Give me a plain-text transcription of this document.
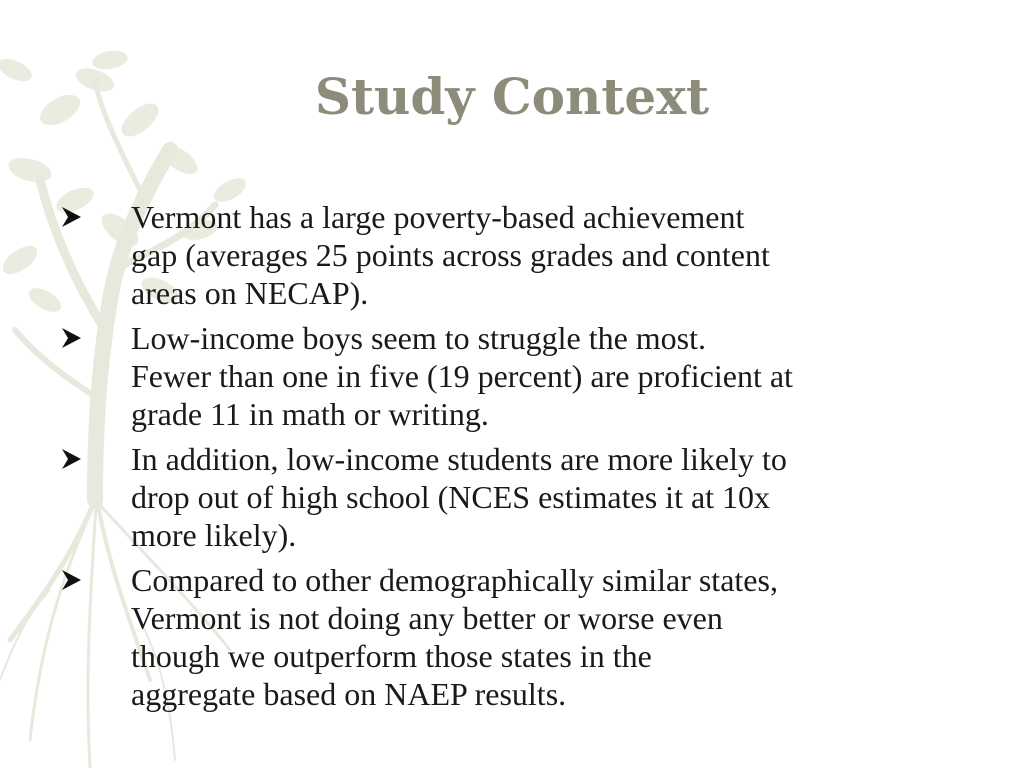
Study Context
Vermont has a large poverty-based achievement
gap (averages 25 points across grades and content
areas on NECAP).
Low-income boys seem to struggle the most.
Fewer than one in five (19 percent) are proficient at
grade 11 in math or writing.
In addition, low-income students are more likely to
drop out of high school (NCES estimates it at 10x
more likely).
Compared to other demographically similar states,
Vermont is not doing any better or worse even
though we outperform those states in the
aggregate based on NAEP results.
